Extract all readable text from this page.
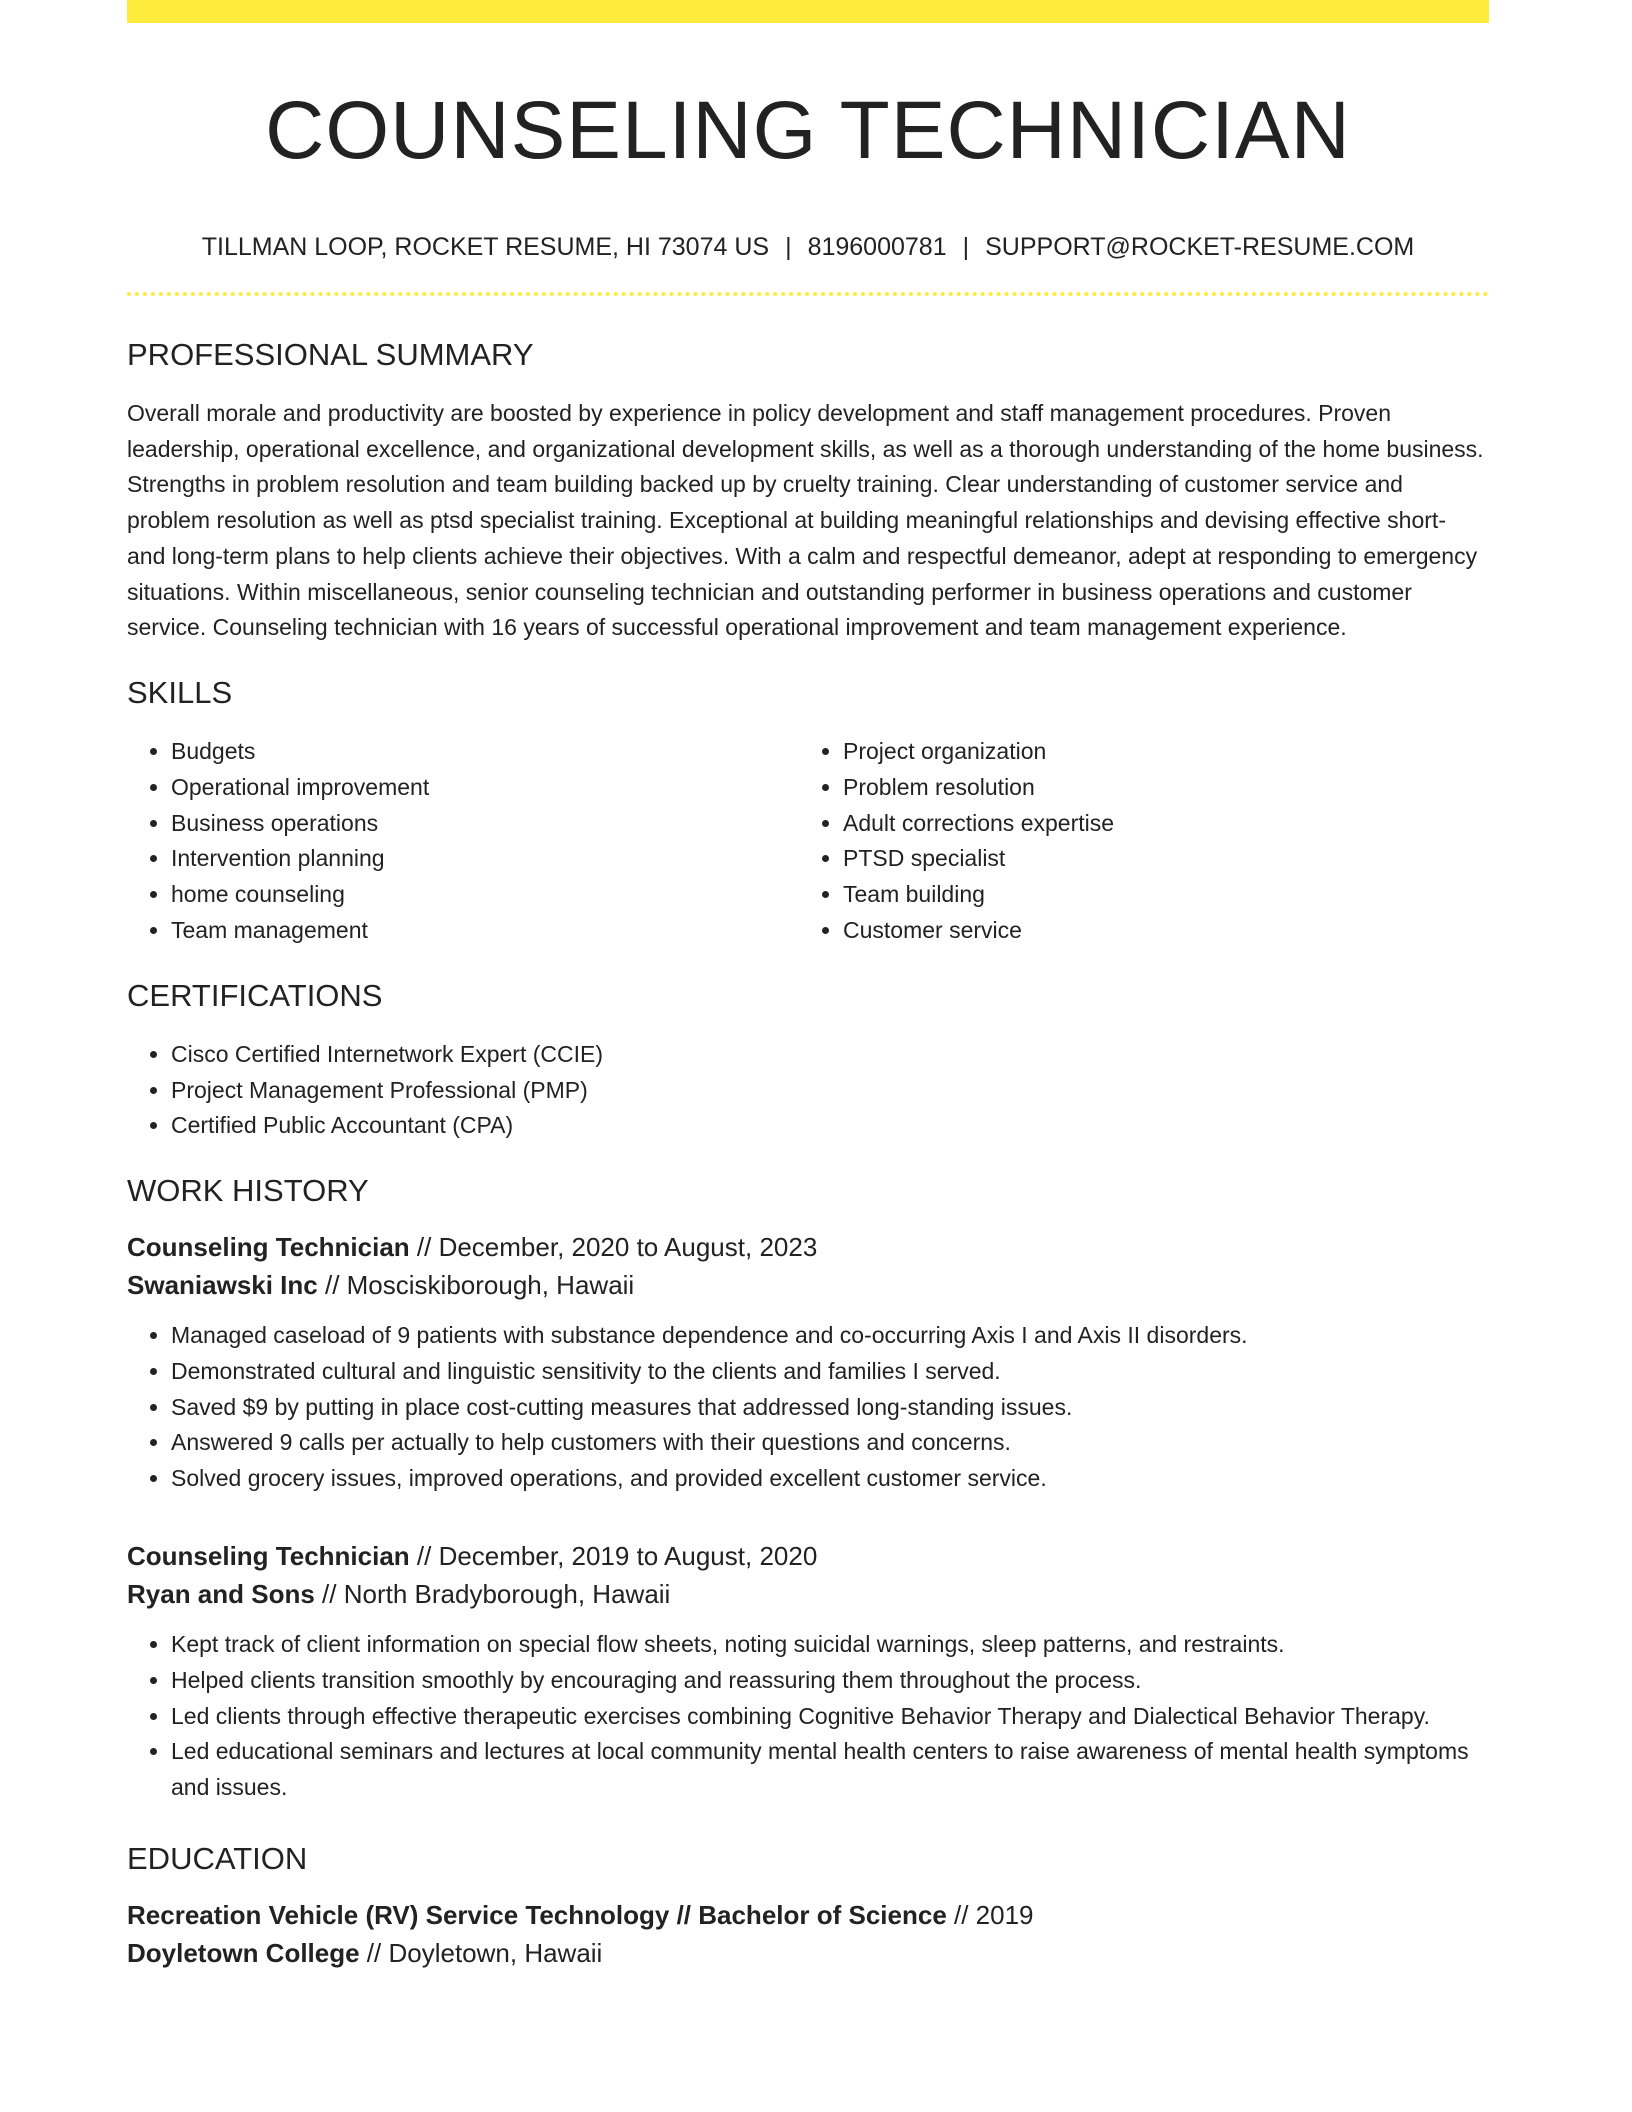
COUNSELING TECHNICIAN
TILLMAN LOOP, ROCKET RESUME, HI 73074 US | 8196000781 | SUPPORT@ROCKET-RESUME.COM
PROFESSIONAL SUMMARY

Overall morale and productivity are boosted by experience in policy development and staff management procedures. Proven leadership, operational excellence, and organizational development skills, as well as a thorough understanding of the home business. Strengths in problem resolution and team building backed up by cruelty training. Clear understanding of customer service and problem resolution as well as ptsd specialist training. Exceptional at building meaningful relationships and devising effective short- and long-term plans to help clients achieve their objectives. With a calm and respectful demeanor, adept at responding to emergency situations. Within miscellaneous, senior counseling technician and outstanding performer in business operations and customer service. Counseling technician with 16 years of successful operational improvement and team management experience.

SKILLS
• Budgets
• Operational improvement
• Business operations
• Intervention planning
• home counseling
• Team management
• Project organization
• Problem resolution
• Adult corrections expertise
• PTSD specialist
• Team building
• Customer service
CERTIFICATIONS
• Cisco Certified Internetwork Expert (CCIE)
• Project Management Professional (PMP)
• Certified Public Accountant (CPA)
WORK HISTORY
Counseling Technician // December, 2020 to August, 2023
Swaniawski Inc // Mosciskiborough, Hawaii
• Managed caseload of 9 patients with substance dependence and co-occurring Axis I and Axis II disorders.
• Demonstrated cultural and linguistic sensitivity to the clients and families I served.
• Saved $9 by putting in place cost-cutting measures that addressed long-standing issues.
• Answered 9 calls per actually to help customers with their questions and concerns.
• Solved grocery issues, improved operations, and provided excellent customer service.
Counseling Technician // December, 2019 to August, 2020
Ryan and Sons // North Bradyborough, Hawaii
• Kept track of client information on special flow sheets, noting suicidal warnings, sleep patterns, and restraints.
• Helped clients transition smoothly by encouraging and reassuring them throughout the process.
• Led clients through effective therapeutic exercises combining Cognitive Behavior Therapy and Dialectical Behavior Therapy.
• Led educational seminars and lectures at local community mental health centers to raise awareness of mental health symptoms and issues.
EDUCATION
Recreation Vehicle (RV) Service Technology // Bachelor of Science // 2019
Doyletown College // Doyletown, Hawaii
